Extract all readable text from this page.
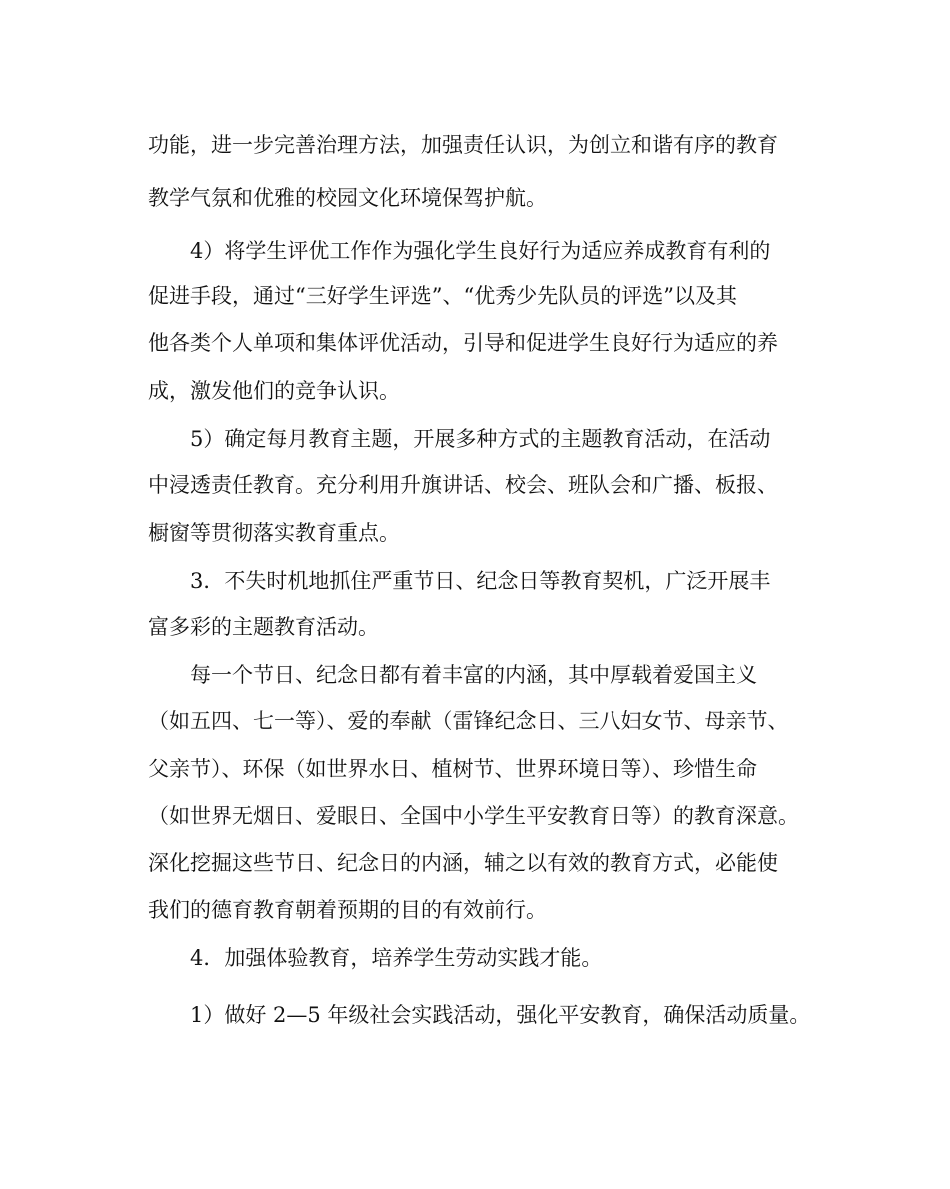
功能，进一步完善治理方法，加强责任认识，为创立和谐有序的教育

教学气氛和优雅的校园文化环境保驾护航。

4）将学生评优工作作为强化学生良好行为适应养成教育有利的

促进手段，通过“三好学生评选”、“优秀少先队员的评选”以及其

他各类个人单项和集体评优活动，引导和促进学生良好行为适应的养

成，激发他们的竞争认识。

5）确定每月教育主题，开展多种方式的主题教育活动，在活动

中浸透责任教育。充分利用升旗讲话、校会、班队会和广播、板报、

橱窗等贯彻落实教育重点。

3．不失时机地抓住严重节日、纪念日等教育契机，广泛开展丰

富多彩的主题教育活动。

每一个节日、纪念日都有着丰富的内涵，其中厚载着爱国主义

（如五四、七一等）、爱的奉献（雷锋纪念日、三八妇女节、母亲节、

父亲节）、环保（如世界水日、植树节、世界环境日等）、珍惜生命

（如世界无烟日、爱眼日、全国中小学生平安教育日等）的教育深意。

深化挖掘这些节日、纪念日的内涵，辅之以有效的教育方式，必能使

我们的德育教育朝着预期的目的有效前行。

4．加强体验教育，培养学生劳动实践才能。

1）做好 2—5 年级社会实践活动，强化平安教育，确保活动质量。
